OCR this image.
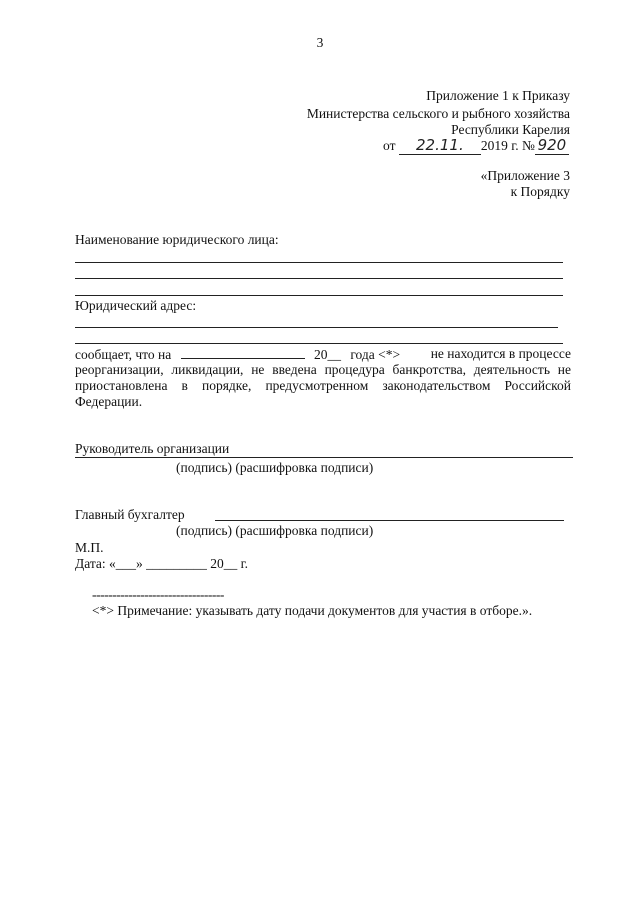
3
Приложение 1 к Приказу
Министерства сельского и рыбного хозяйства
Республики Карелия
от 22.11. 2019 г. № 920
«Приложение 3
к Порядку
Наименование юридического лица:
Юридический адрес:
сообщает, что на	20__ года <*> не находится в процессе
реорганизации, ликвидации, не введена процедура банкротства, деятельность не
приостановлена в порядке, предусмотренном законодательством Российской
Федерации.
Руководитель организации
(подпись) (расшифровка подписи)
Главный бухгалтер
(подпись) (расшифровка подписи)
М.П.
Дата: «___» _________ 20__ г.
---------------------------------
<*> Примечание: указывать дату подачи документов для участия в отборе.».
